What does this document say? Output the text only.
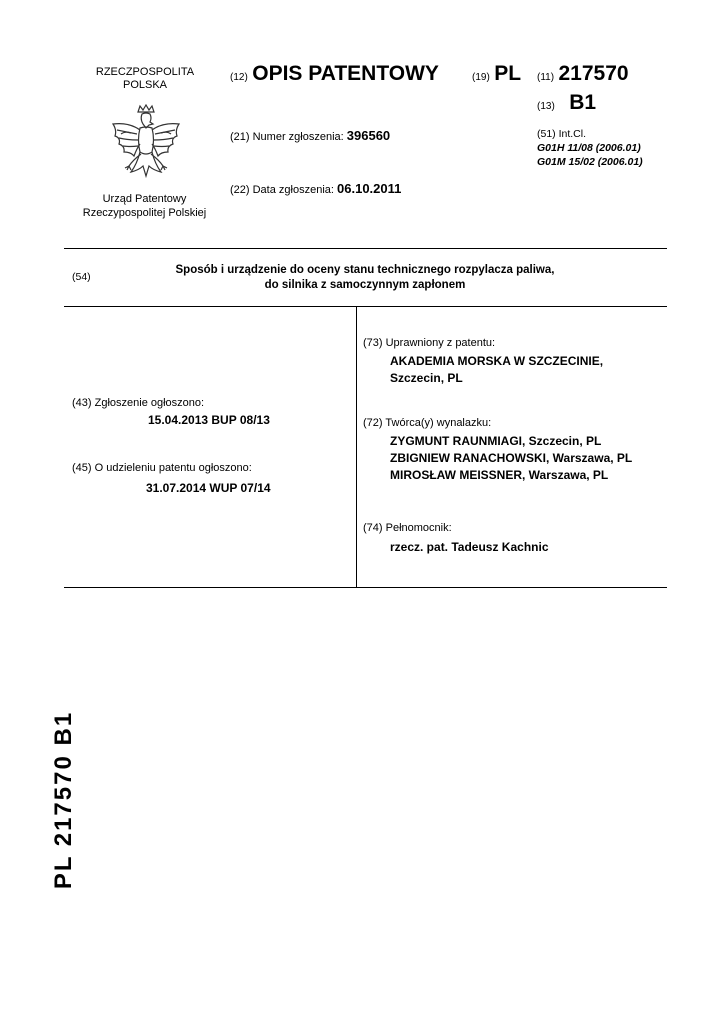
RZECZPOSPOLITA
POLSKA
Urząd Patentowy
Rzeczypospolitej Polskiej
(12) OPIS PATENTOWY	(19) PL (11) 217570
(13) B1
(21) Numer zgłoszenia: 396560
(22) Data zgłoszenia: 06.10.2011
(51) Int.Cl.
G01H 11/08 (2006.01)
G01M 15/02 (2006.01)
(54)
Sposób i urządzenie do oceny stanu technicznego rozpylacza paliwa,
do silnika z samoczynnym zapłonem
(43) Zgłoszenie ogłoszono:
15.04.2013 BUP 08/13
(45) O udzieleniu patentu ogłoszono:
31.07.2014 WUP 07/14
(73) Uprawniony z patentu:
AKADEMIA MORSKA W SZCZECINIE,
Szczecin, PL
(72) Twórca(y) wynalazku:
ZYGMUNT RAUNMIAGI, Szczecin, PL
ZBIGNIEW RANACHOWSKI, Warszawa, PL
MIROSŁAW MEISSNER, Warszawa, PL
(74) Pełnomocnik:
rzecz. pat. Tadeusz Kachnic
PL 217570 B1
